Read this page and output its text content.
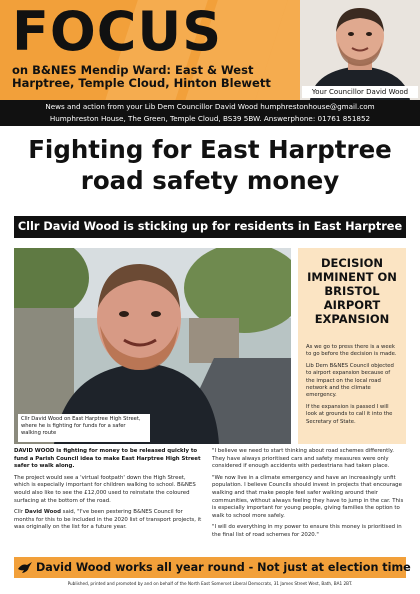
FOCUS
on B&NES Mendip Ward: East & West
Harptree, Temple Cloud, Hinton Blewett
Your Councillor David Wood
News and action from your Lib Dem Councillor David Wood humphrestonhouse@gmail.com
Humphreston House, The Green, Temple Cloud, BS39 5BW. Answerphone: 01761 851852
Fighting for East Harptree
road safety money
Cllr David Wood is sticking up for residents in East Harptree
Cllr David Wood on East Harptree High Street, where he is fighting for funds for a safer walking route
DECISION IMMINENT ON BRISTOL AIRPORT EXPANSION

As we go to press there is a week to go before the decision is made.

Lib Dem B&NES Council objected to airport expansion because of the impact on the local road network and the climate emergency.

If the expansion is passed I will look at grounds to call it into the Secretary of State.

DAVID WOOD is fighting for money to be released quickly to fund a Parish Council idea to make East Harptree High Street safer to walk along.

The project would see a 'virtual footpath' down the High Street, which is especially important for children walking to school. B&NES would also like to see the £12,000 used to reinstate the coloured surfacing at the bottom of the road.

Cllr David Wood said, "I've been pestering B&NES Council for months for this to be included in the 2020 list of transport projects, it was originally on the list for a future year.

"I believe we need to start thinking about road schemes differently. They have always prioritised cars and safety measures were only considered if enough accidents with pedestrians had taken place.

"We now live in a climate emergency and have an increasingly unfit population. I believe Councils should invest in projects that encourage walking and that make people feel safer walking around their communities, without always feeling they have to jump in the car. This is especially important for young people, giving families the option to walk to school more safely.

"I will do everything in my power to ensure this money is prioritised in the final list of road schemes for 2020."

David Wood works all year round - Not just at election time
Published, printed and promoted by and on behalf of the North East Somerset Liberal Democrats, 31 James Street West, Bath, BA1 2BT.
